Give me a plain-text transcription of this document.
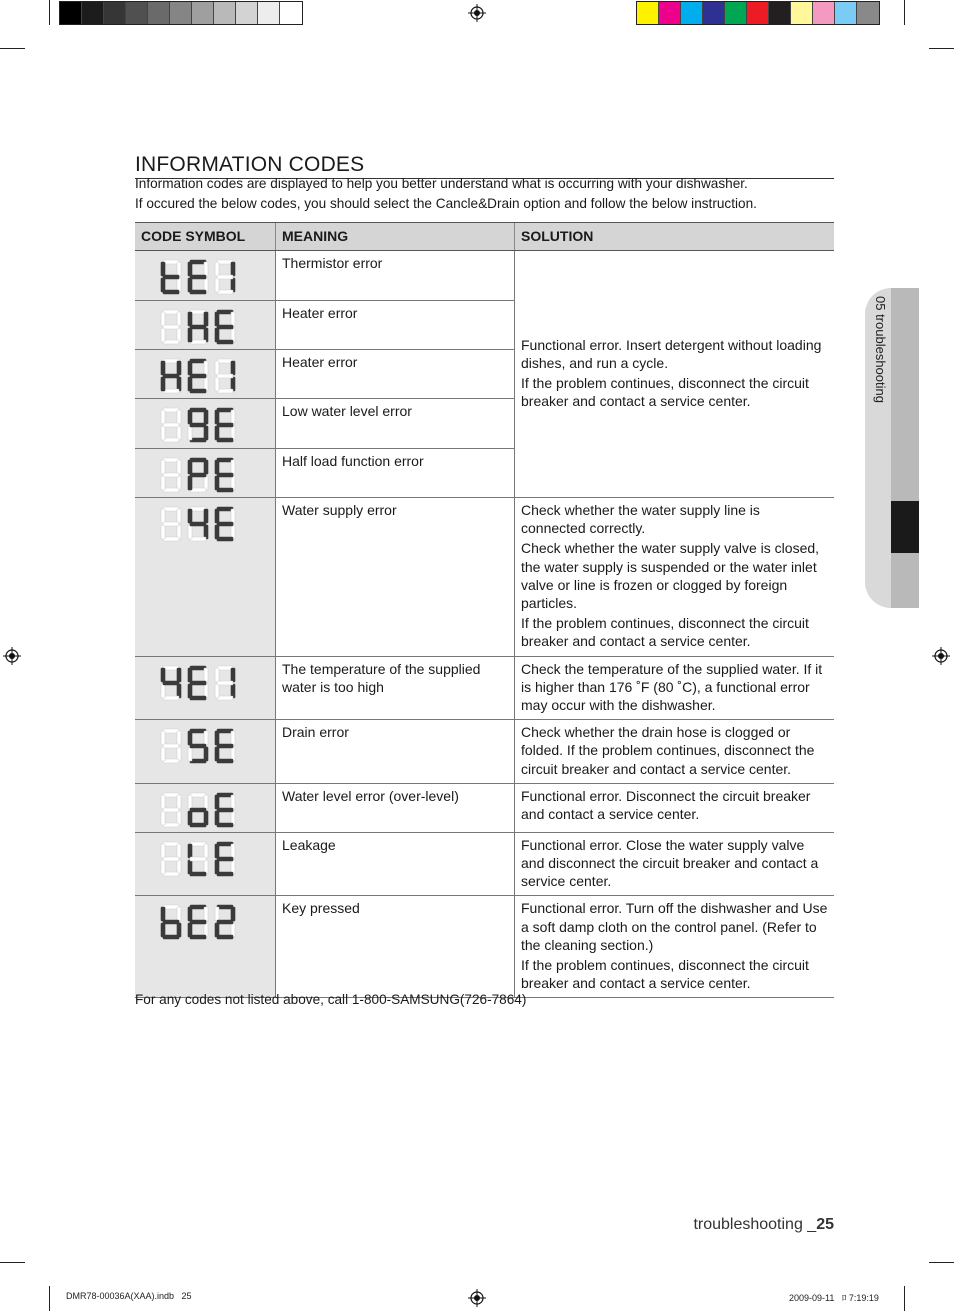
INFORMATION CODES

Information codes are displayed to help you better understand what is occurring with your dishwasher.

If occured the below codes, you should select the Cancle&Drain option and follow the below instruction.

CODE SYMBOL	MEANING	SOLUTION

	Thermistor error	Functional error. Insert detergent without loading dishes, and run a cycle.

If the problem continues, disconnect the circuit breaker and contact a service center.

	Heater error	

	Heater error	

	Low water level error	

	Half load function error	

	Water supply error	Check whether the water supply line is connected correctly.

Check whether the water supply valve is closed, the water supply is suspended or the water inlet valve or line is frozen or clogged by foreign particles.

If the problem continues, disconnect the circuit breaker and contact a service center.

	The temperature of the supplied water is too high	Check the temperature of the supplied water. If it is higher than 176 ˚F (80 ˚C), a functional error may occur with the dishwasher.

	Drain error	Check whether the drain hose is clogged or folded. If the problem continues, disconnect the circuit breaker and contact a service center.

	Water level error (over-level)	Functional error. Disconnect the circuit breaker and contact a service center.

	Leakage	Functional error. Close the water supply valve and disconnect the circuit breaker and contact a service center.

	Key pressed	Functional error. Turn off the dishwasher and Use a soft damp cloth on the control panel. (Refer to the cleaning section.)

If the problem continues, disconnect the circuit breaker and contact a service center.

For any codes not listed above, call 1-800-SAMSUNG(726-7864)
05 troubleshooting
troubleshooting _25
DMR78-00036A(XAA).indb   25	2009-09-11   ﾛ 7:19:19
